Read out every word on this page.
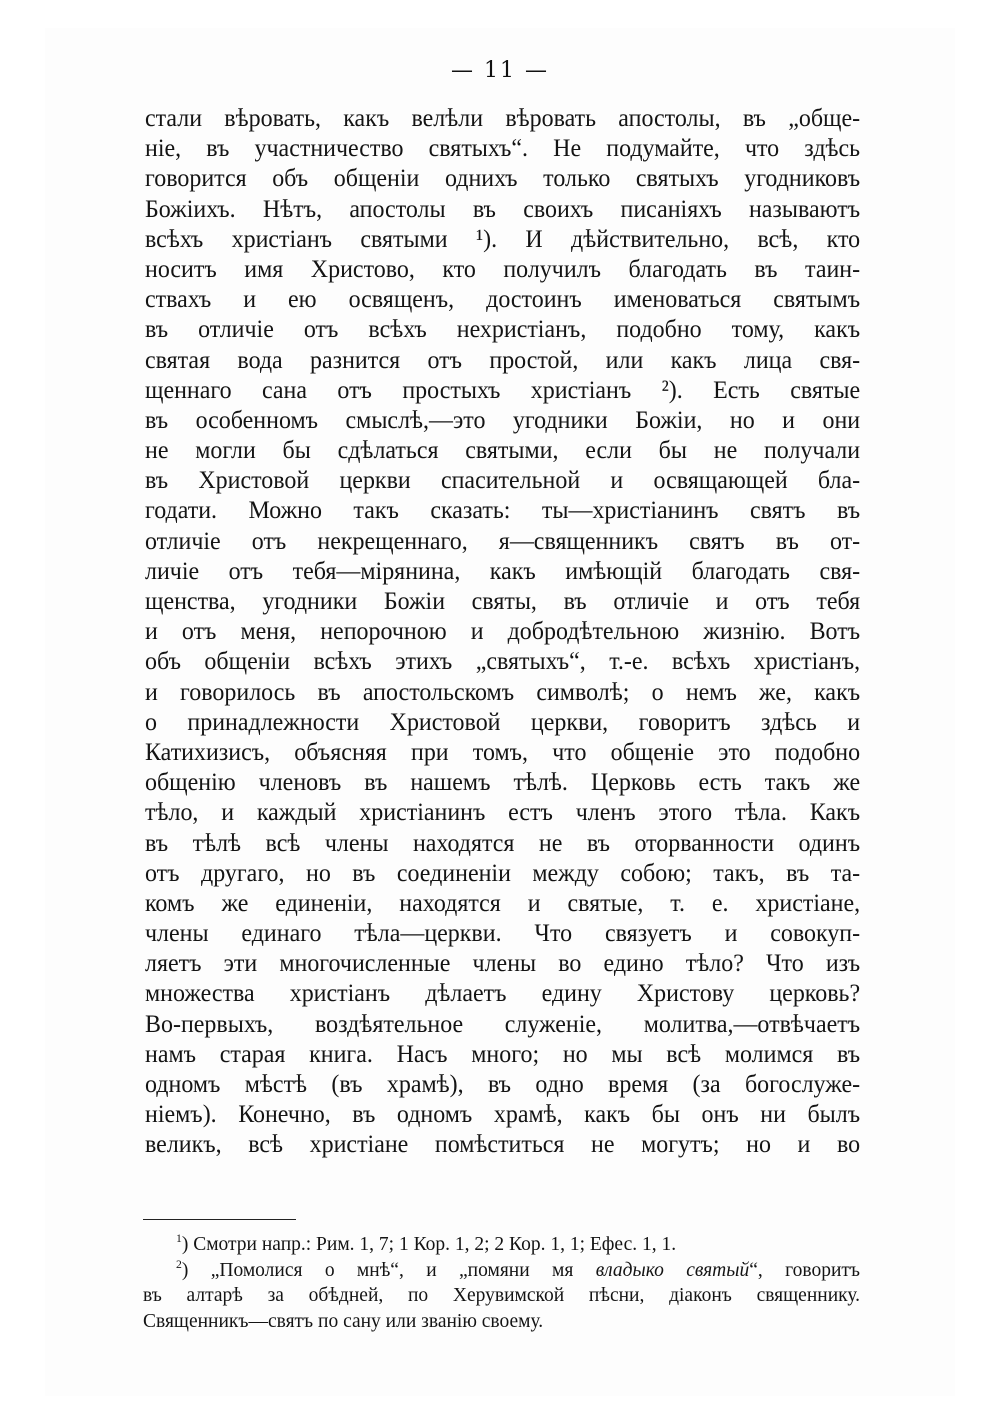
— 11 —
стали вѣровать, какъ велѣли вѣровать апостолы, въ „обще-
ніе, въ участничество святыхъ“. Не подумайте, что здѣсь
говорится объ общеніи однихъ только святыхъ угодниковъ
Божіихъ. Нѣтъ, апостолы въ своихъ писаніяхъ называютъ
всѣхъ христіанъ святыми ¹). И дѣйствительно, всѣ, кто
носитъ имя Христово, кто получилъ благодать въ таин-
ствахъ и ею освященъ, достоинъ именоваться святымъ
въ отличіе отъ всѣхъ нехристіанъ, подобно тому, какъ
святая вода разнится отъ простой, или какъ лица свя-
щеннаго сана отъ простыхъ христіанъ ²). Есть святые
въ особенномъ смыслѣ,—это угодники Божіи, но и они
не могли бы сдѣлаться святыми, если бы не получали
въ Христовой церкви спасительной и освящающей бла-
годати. Можно такъ сказать: ты—христіанинъ святъ въ
отличіе отъ некрещеннаго, я—священникъ святъ въ от-
личіе отъ тебя—мірянина, какъ имѣющій благодать свя-
щенства, угодники Божіи святы, въ отличіе и отъ тебя
и отъ меня, непорочною и добродѣтельною жизнію. Вотъ
объ общеніи всѣхъ этихъ „святыхъ“, т.-е. всѣхъ христіанъ,
и говорилось въ апостольскомъ символѣ; о немъ же, какъ
о принадлежности Христовой церкви, говоритъ здѣсь и
Катихизисъ, объясняя при томъ, что общеніе это подобно
общенію членовъ въ нашемъ тѣлѣ. Церковь есть такъ же
тѣло, и каждый христіанинъ естъ членъ этого тѣла. Какъ
въ тѣлѣ всѣ члены находятся не въ оторванности одинъ
отъ другаго, но въ соединеніи между собою; такъ, въ та-
комъ же единеніи, находятся и святые, т. е. христіане,
члены единаго тѣла—церкви. Что связуетъ и совокуп-
ляетъ эти многочисленные члены во едино тѣло? Что изъ
множества христіанъ дѣлаетъ едину Христову церковь?
Во-первыхъ, воздѣятельное служеніе, молитва,—отвѣчаетъ
намъ старая книга. Насъ много; но мы всѣ молимся въ
одномъ мѣстѣ (въ храмѣ), въ одно время (за богослуже-
ніемъ). Конечно, въ одномъ храмѣ, какъ бы онъ ни былъ
великъ, всѣ христіане помѣститься не могутъ; но и во
$^1$) Смотри напр.: Рим. 1, 7; 1 Кор. 1, 2; 2 Кор. 1, 1; Ефес. 1, 1.
$^2$) „Помолися о мнѣ“, и „помяни мя владыко святый“, говоритъ
въ алтарѣ за обѣдней, по Херувимской пѣсни, діаконъ священнику.
Священникъ—святъ по сану или званію своему.
